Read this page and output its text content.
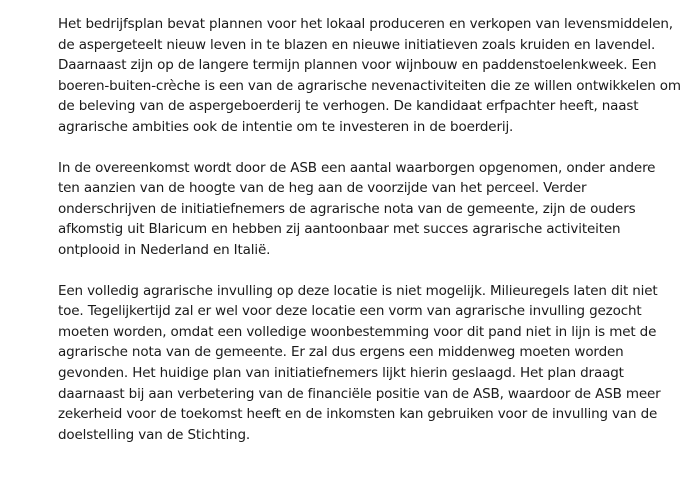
Het bedrijfsplan bevat plannen voor het lokaal produceren en verkopen van levensmiddelen,
de aspergeteelt nieuw leven in te blazen en nieuwe initiatieven zoals kruiden en lavendel.
Daarnaast zijn op de langere termijn plannen voor wijnbouw en paddenstoelenkweek. Een
boeren-buiten-crèche is een van de agrarische nevenactiviteiten die ze willen ontwikkelen om
de beleving van de aspergeboerderij te verhogen. De kandidaat erfpachter heeft, naast
agrarische ambities ook de intentie om te investeren in de boerderij.

In de overeenkomst wordt door de ASB een aantal waarborgen opgenomen, onder andere
ten aanzien van de hoogte van de heg aan de voorzijde van het perceel. Verder
onderschrijven de initiatiefnemers de agrarische nota van de gemeente, zijn de ouders
afkomstig uit Blaricum en hebben zij aantoonbaar met succes agrarische activiteiten
ontplooid in Nederland en Italië.

Een volledig agrarische invulling op deze locatie is niet mogelijk. Milieuregels laten dit niet
toe. Tegelijkertijd zal er wel voor deze locatie een vorm van agrarische invulling gezocht
moeten worden, omdat een volledige woonbestemming voor dit pand niet in lijn is met de
agrarische nota van de gemeente. Er zal dus ergens een middenweg moeten worden
gevonden. Het huidige plan van initiatiefnemers lijkt hierin geslaagd. Het plan draagt
daarnaast bij aan verbetering van de financiële positie van de ASB, waardoor de ASB meer
zekerheid voor de toekomst heeft en de inkomsten kan gebruiken voor de invulling van de
doelstelling van de Stichting.
